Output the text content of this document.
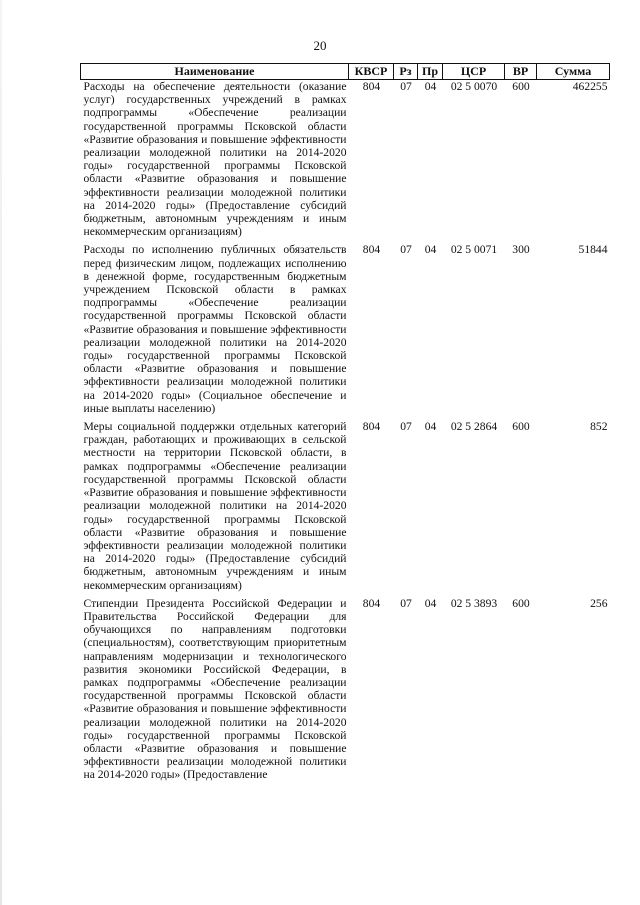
20
Наименование	КВСР	Рз	Пр	ЦСР	ВР	Сумма
Расходы на обеспечение деятельности (оказание услуг) государственных учреждений в рамках подпрограммы «Обеспечение реализации государственной программы Псковской области «Развитие образования и повышение эффективности реализации молодежной политики на 2014-2020 годы» государственной программы Псковской области «Развитие образования и повышение эффективности реализации молодежной политики на 2014-2020 годы» (Предоставление субсидий бюджетным, автономным учреждениям и иным некоммерческим организациям)	804	07	04	02 5 0070	600	462255
Расходы по исполнению публичных обязательств перед физическим лицом, подлежащих исполнению в денежной форме, государственным бюджетным учреждением Псковской области в рамках подпрограммы «Обеспечение реализации государственной программы Псковской области «Развитие образования и повышение эффективности реализации молодежной политики на 2014-2020 годы» государственной программы Псковской области «Развитие образования и повышение эффективности реализации молодежной политики на 2014-2020 годы» (Социальное обеспечение и иные выплаты населению)	804	07	04	02 5 0071	300	51844
Меры социальной поддержки отдельных категорий граждан, работающих и проживающих в сельской местности на территории Псковской области, в рамках подпрограммы «Обеспечение реализации государственной программы Псковской области «Развитие образования и повышение эффективности реализации молодежной политики на 2014-2020 годы» государственной программы Псковской области «Развитие образования и повышение эффективности реализации молодежной политики на 2014-2020 годы» (Предоставление субсидий бюджетным, автономным учреждениям и иным некоммерческим организациям)	804	07	04	02 5 2864	600	852
Стипендии Президента Российской Федерации и Правительства Российской Федерации для обучающихся по направлениям подготовки (специальностям), соответствующим приоритетным направлениям модернизации и технологического развития экономики Российской Федерации, в рамках подпрограммы «Обеспечение реализации государственной программы Псковской области «Развитие образования и повышение эффективности реализации молодежной политики на 2014-2020 годы» государственной программы Псковской области «Развитие образования и повышение эффективности реализации молодежной политики на 2014-2020 годы» (Предоставление	804	07	04	02 5 3893	600	256
